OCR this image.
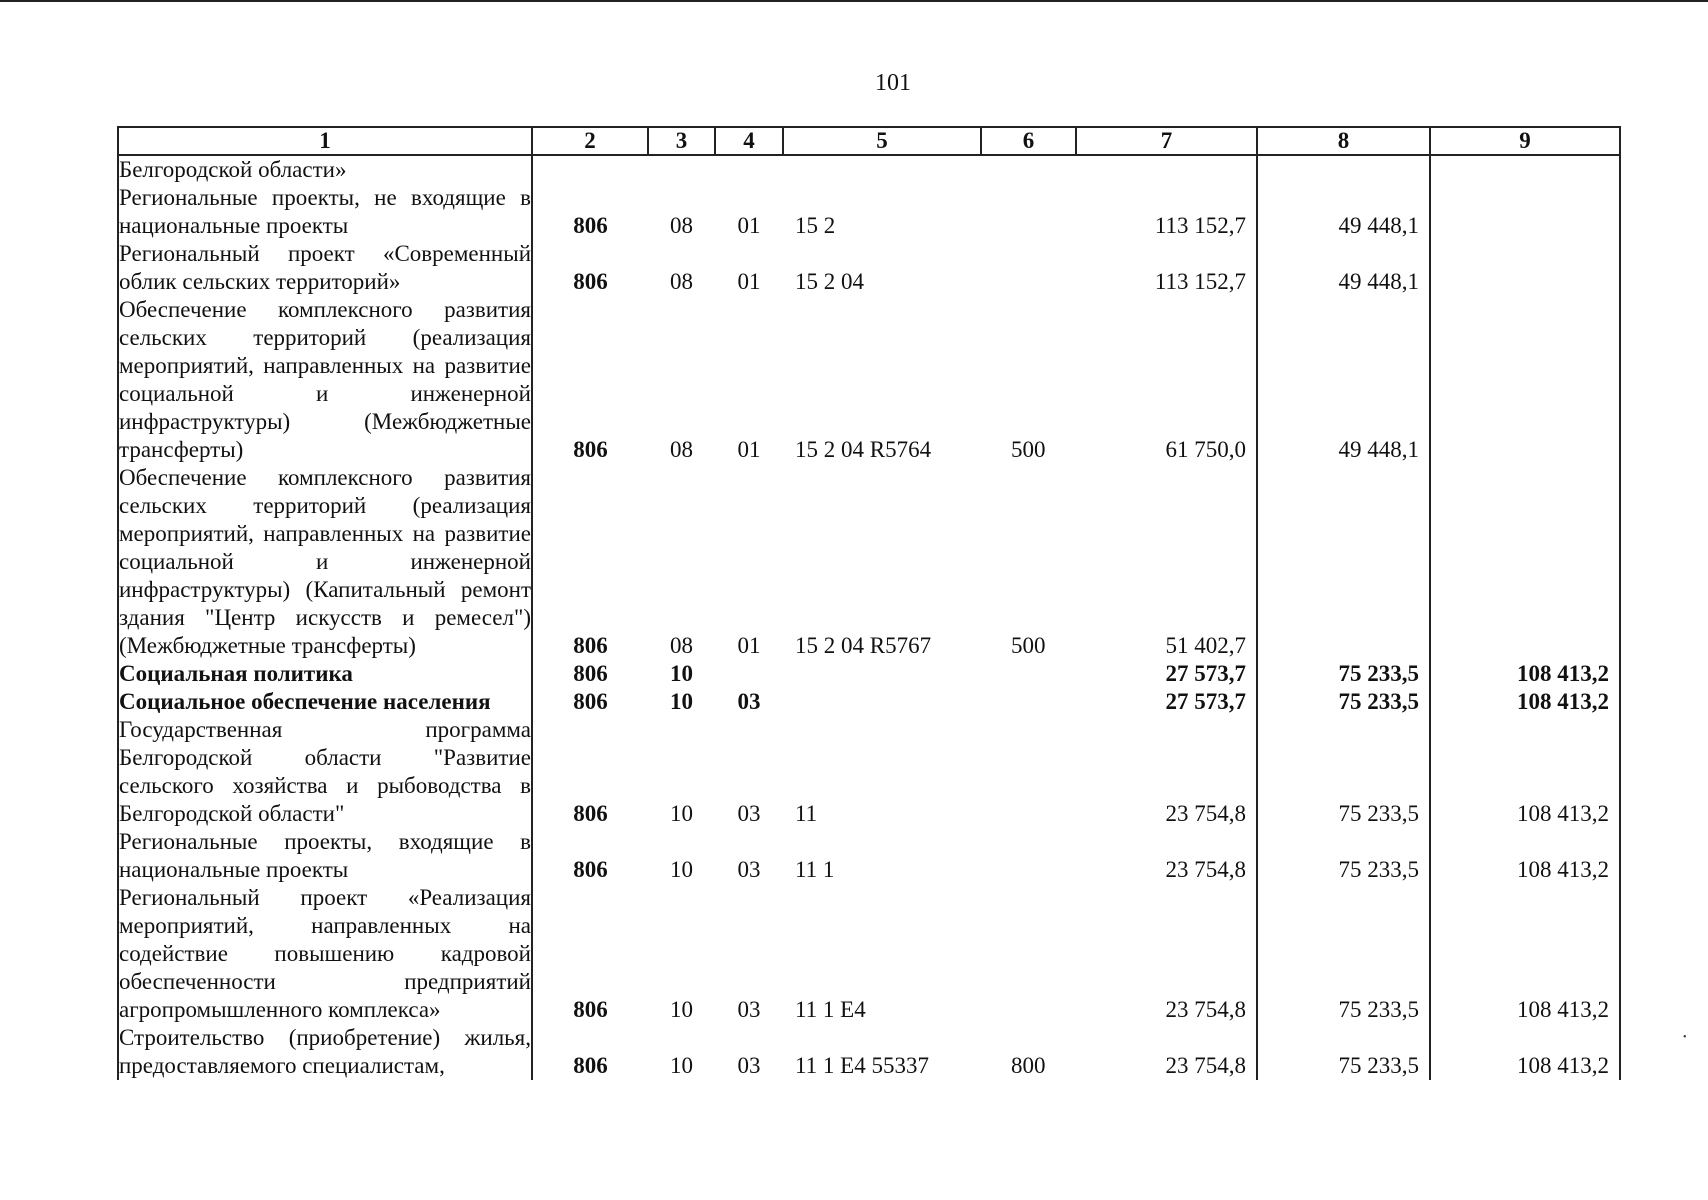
101
1	2	3	4	5	6	7	8	9
Белгородской области»								
Региональные проекты, не входящие в национальные проекты	806	08	01	15 2		113 152,7	49 448,1	
Региональный проект «Современный облик сельских территорий»	806	08	01	15 2 04		113 152,7	49 448,1	
Обеспечение комплексного развития сельских территорий (реализация мероприятий, направленных на развитие социальной и инженерной инфраструктуры) (Межбюджетные трансферты)	806	08	01	15 2 04 R5764	500	61 750,0	49 448,1	
Обеспечение комплексного развития сельских территорий (реализация мероприятий, направленных на развитие социальной и инженерной инфраструктуры) (Капитальный ремонт здания "Центр искусств и ремесел") (Межбюджетные трансферты)	806	08	01	15 2 04 R5767	500	51 402,7		
Социальная политика	806	10				27 573,7	75 233,5	108 413,2
Социальное обеспечение населения	806	10	03			27 573,7	75 233,5	108 413,2
Государственная программа Белгородской области "Развитие сельского хозяйства и рыбоводства в Белгородской области"	806	10	03	11		23 754,8	75 233,5	108 413,2
Региональные проекты, входящие в национальные проекты	806	10	03	11 1		23 754,8	75 233,5	108 413,2
Региональный проект «Реализация мероприятий, направленных на содействие повышению кадровой обеспеченности предприятий агропромышленного комплекса»	806	10	03	11 1 E4		23 754,8	75 233,5	108 413,2
Строительство (приобретение) жилья, предоставляемого специалистам,	806	10	03	11 1 E4 55337	800	23 754,8	75 233,5	108 413,2
•
